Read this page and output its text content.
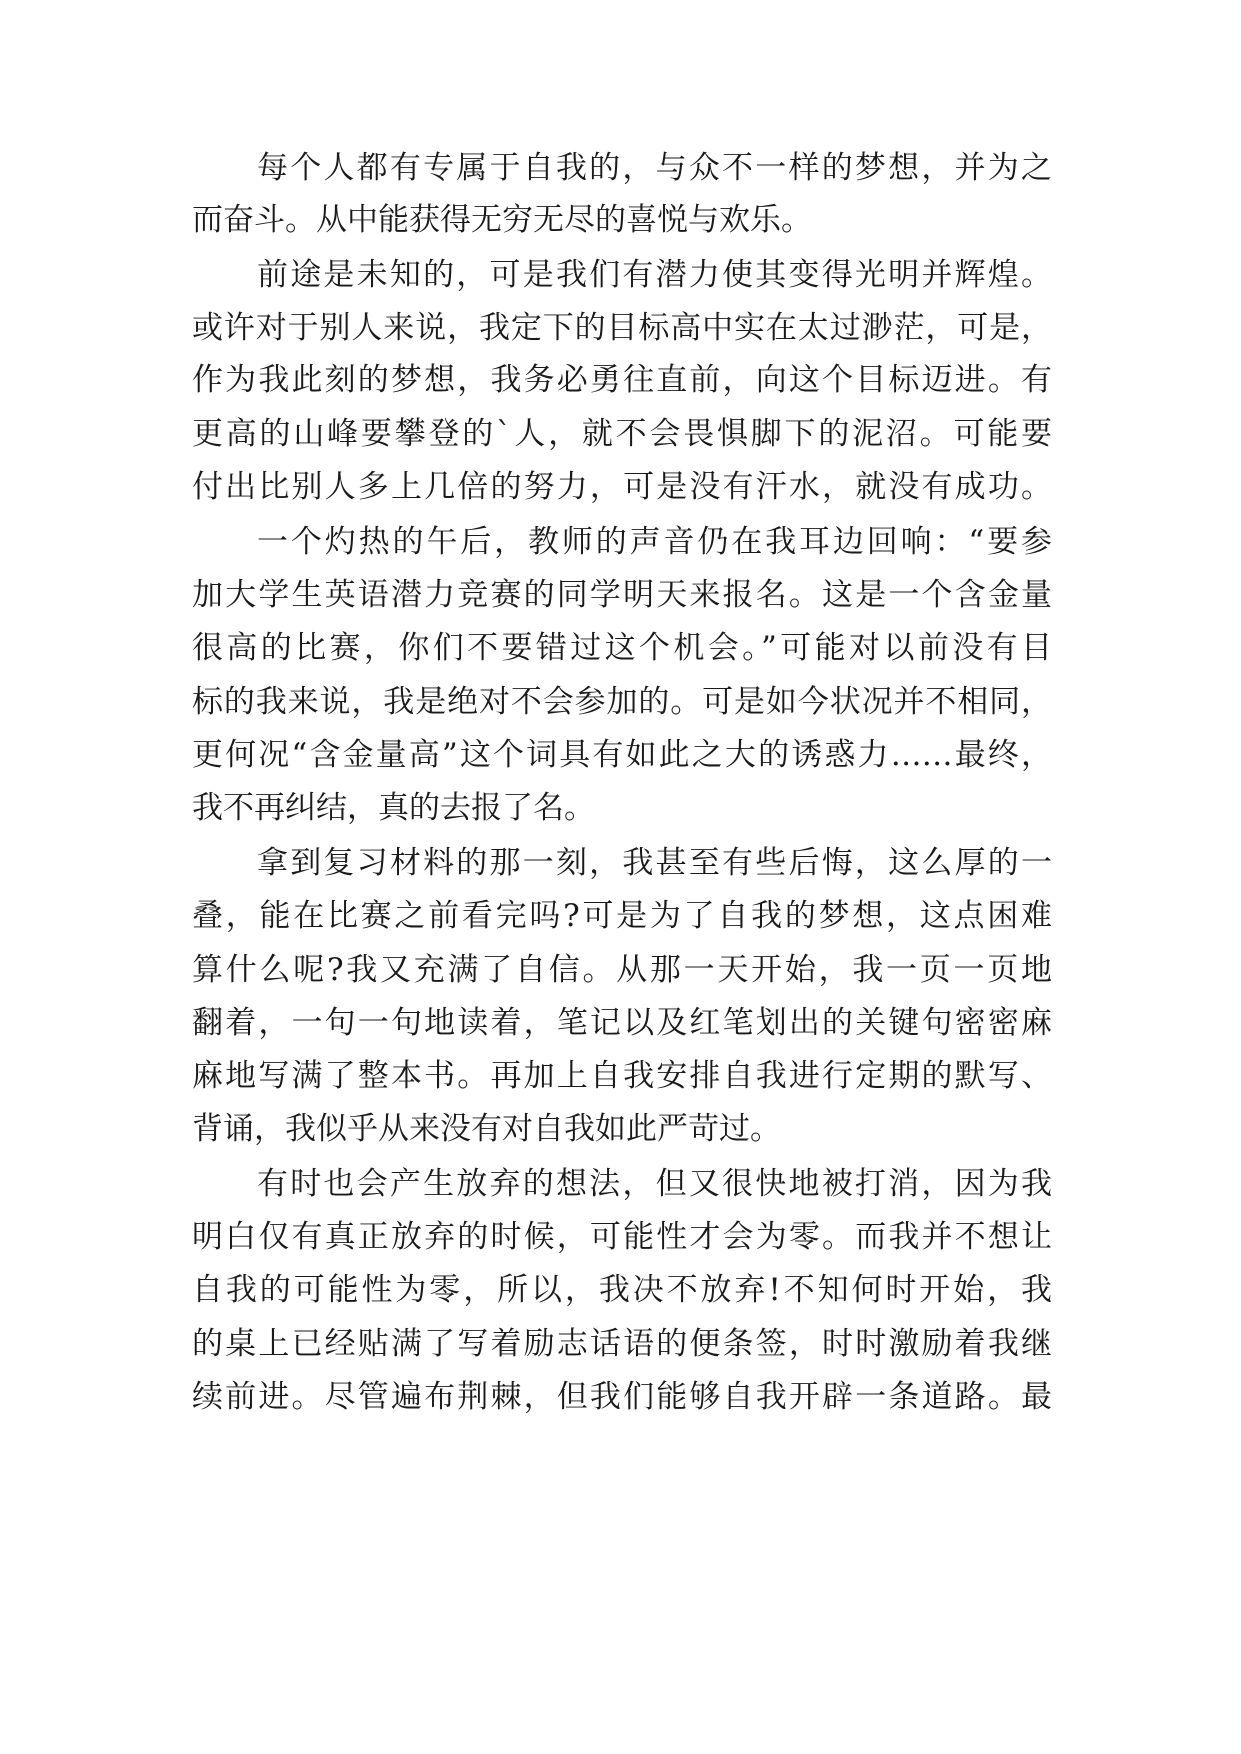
每个人都有专属于自我的，与众不一样的梦想，并为之
而奋斗。从中能获得无穷无尽的喜悦与欢乐。
前途是未知的，可是我们有潜力使其变得光明并辉煌。
或许对于别人来说，我定下的目标高中实在太过渺茫，可是，
作为我此刻的梦想，我务必勇往直前，向这个目标迈进。有
更高的山峰要攀登的`人，就不会畏惧脚下的泥沼。可能要
付出比别人多上几倍的努力，可是没有汗水，就没有成功。
一个灼热的午后，教师的声音仍在我耳边回响：“要参
加大学生英语潜力竞赛的同学明天来报名。这是一个含金量
很高的比赛，你们不要错过这个机会。”可能对以前没有目
标的我来说，我是绝对不会参加的。可是如今状况并不相同，
更何况“含金量高”这个词具有如此之大的诱惑力……最终，
我不再纠结，真的去报了名。
拿到复习材料的那一刻，我甚至有些后悔，这么厚的一
叠，能在比赛之前看完吗?可是为了自我的梦想，这点困难
算什么呢?我又充满了自信。从那一天开始，我一页一页地
翻着，一句一句地读着，笔记以及红笔划出的关键句密密麻
麻地写满了整本书。再加上自我安排自我进行定期的默写、
背诵，我似乎从来没有对自我如此严苛过。
有时也会产生放弃的想法，但又很快地被打消，因为我
明白仅有真正放弃的时候，可能性才会为零。而我并不想让
自我的可能性为零，所以，我决不放弃!不知何时开始，我
的桌上已经贴满了写着励志话语的便条签，时时激励着我继
续前进。尽管遍布荆棘，但我们能够自我开辟一条道路。最
